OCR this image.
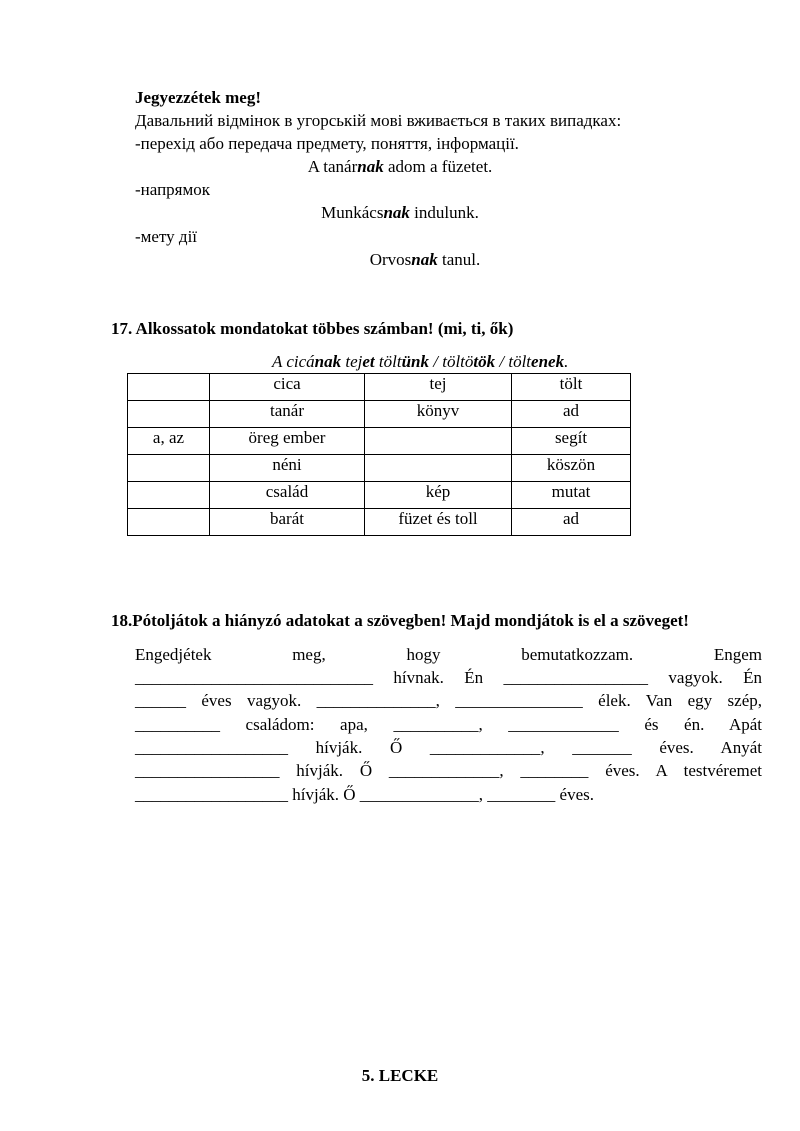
Jegyezzétek meg!
Давальний відмінок в угорській мові вживається в таких випадках:
-перехід або передача предмету, поняття, інформації.
A tanárnak adom a füzetet.
-напрямок
Munkácsnak indulunk.
-мету дії
Orvosnak tanul.
17. Alkossatok mondatokat többes számban! (mi, ti, ők)
A cicának tejet töltünk / töltötök / töltenek.
	cica	tej	tölt
	tanár	könyv	ad
a, az	öreg ember		segít
	néni		köszön
	család	kép	mutat
	barát	füzet és toll	ad
18.Pótoljátok a hiányzó adatokat a szövegben! Majd mondjátok is el a szöveget!
Engedjétek meg, hogy bemutatkozzam. Engem
____________________________ hívnak. Én _________________ vagyok. Én
______ éves vagyok. ______________, _______________ élek. Van egy szép,
__________ családom: apa, __________, _____________ és én. Apát
__________________ hívják. Ő _____________, _______ éves. Anyát
_________________ hívják. Ő _____________, ________ éves. A testvéremet
__________________ hívják. Ő ______________, ________ éves.
5. LECKE
